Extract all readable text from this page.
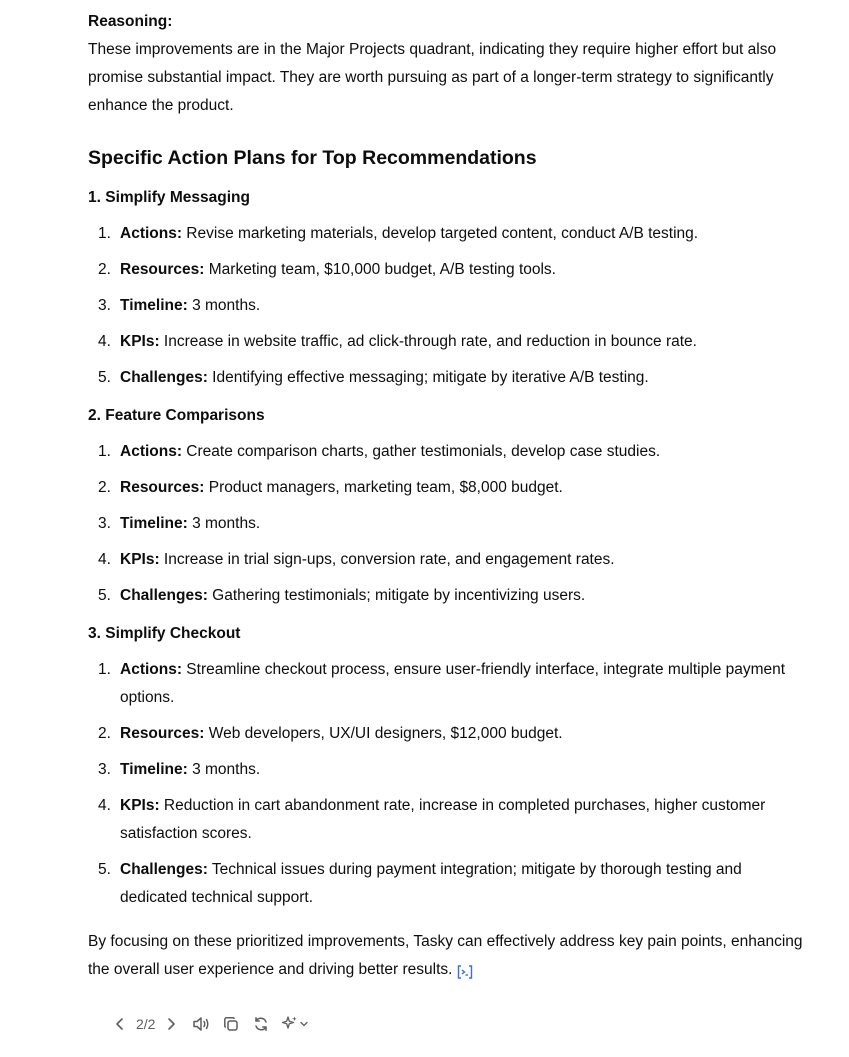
Reasoning:

These improvements are in the Major Projects quadrant, indicating they require higher effort but also promise substantial impact. They are worth pursuing as part of a longer-term strategy to significantly enhance the product.

Specific Action Plans for Top Recommendations

1. Simplify Messaging

1. Actions: Revise marketing materials, develop targeted content, conduct A/B testing.
2. Resources: Marketing team, $10,000 budget, A/B testing tools.
3. Timeline: 3 months.
4. KPIs: Increase in website traffic, ad click-through rate, and reduction in bounce rate.
5. Challenges: Identifying effective messaging; mitigate by iterative A/B testing.

2. Feature Comparisons

1. Actions: Create comparison charts, gather testimonials, develop case studies.
2. Resources: Product managers, marketing team, $8,000 budget.
3. Timeline: 3 months.
4. KPIs: Increase in trial sign-ups, conversion rate, and engagement rates.
5. Challenges: Gathering testimonials; mitigate by incentivizing users.

3. Simplify Checkout

1. Actions: Streamline checkout process, ensure user-friendly interface, integrate multiple payment options.
2. Resources: Web developers, UX/UI designers, $12,000 budget.
3. Timeline: 3 months.
4. KPIs: Reduction in cart abandonment rate, increase in completed purchases, higher customer satisfaction scores.
5. Challenges: Technical issues during payment integration; mitigate by thorough testing and dedicated technical support.

By focusing on these prioritized improvements, Tasky can effectively address key pain points, enhancing the overall user experience and driving better results.

2/2
